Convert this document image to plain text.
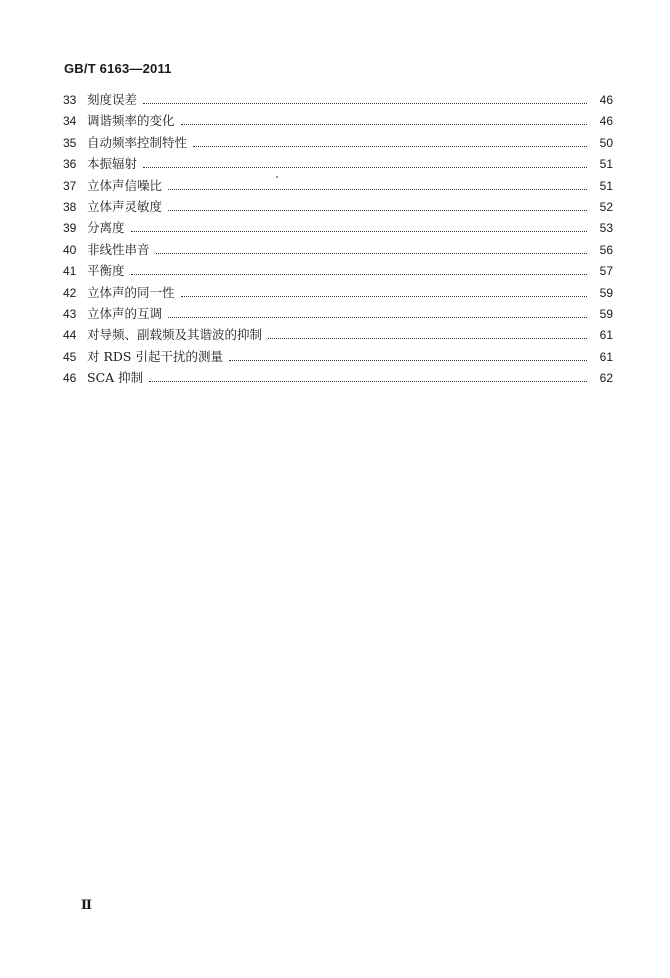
GB/T 6163—2011
33 刻度误差	46
34 调谐频率的变化	46
35 自动频率控制特性	50
36 本振辐射	51
37 立体声信噪比	51
38 立体声灵敏度	52
39 分离度	53
40 非线性串音	56
41 平衡度	57
42 立体声的同一性	59
43 立体声的互调	59
44 对导频、副载频及其谐波的抑制	61
45 对 RDS 引起干扰的测量	61
46 SCA 抑制	62
Ⅱ
